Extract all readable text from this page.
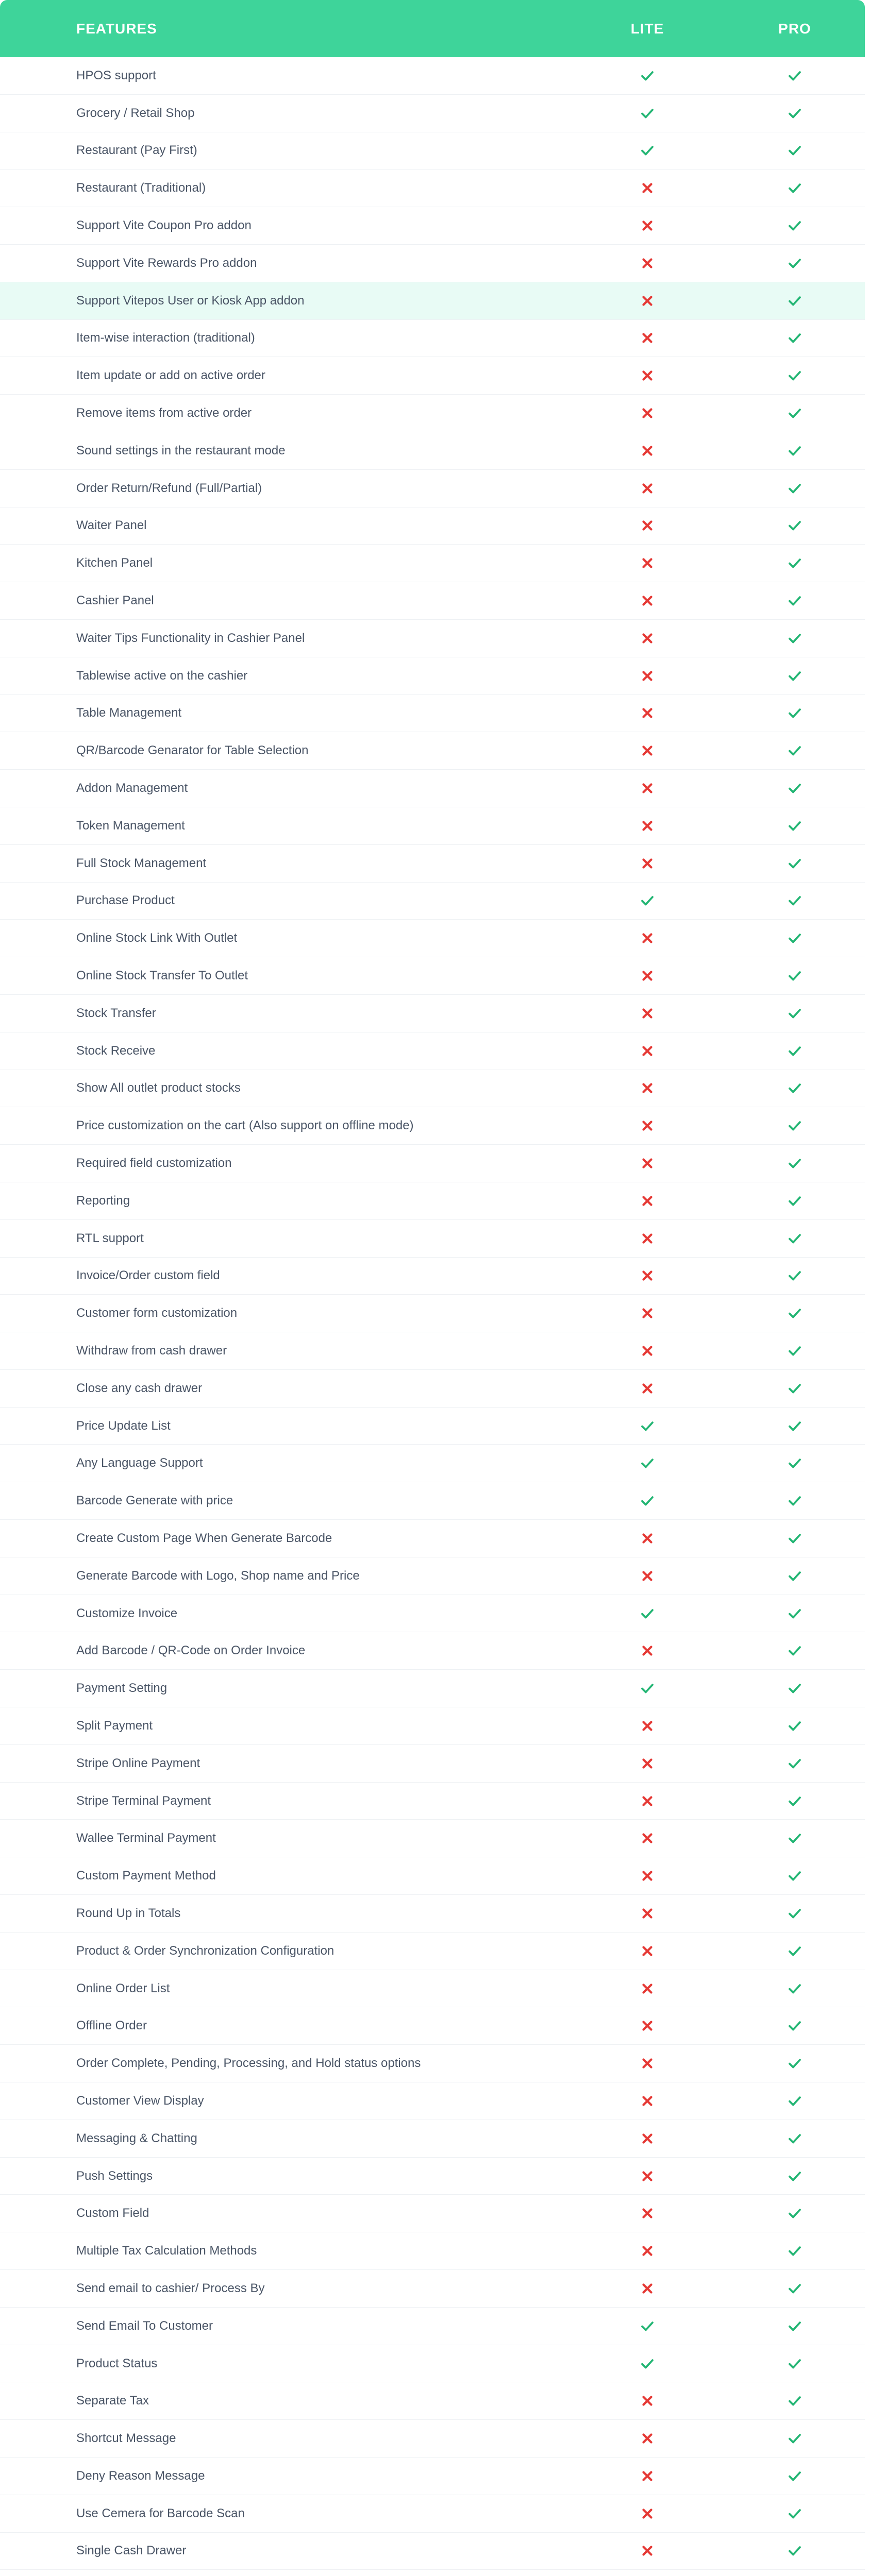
FEATURES	LITE	PRO
HPOS support
Grocery / Retail Shop
Restaurant (Pay First)
Restaurant (Traditional)
Support Vite Coupon Pro addon
Support Vite Rewards Pro addon
Support Vitepos User or Kiosk App addon
Item-wise interaction (traditional)
Item update or add on active order
Remove items from active order
Sound settings in the restaurant mode
Order Return/Refund (Full/Partial)
Waiter Panel
Kitchen Panel
Cashier Panel
Waiter Tips Functionality in Cashier Panel
Tablewise active on the cashier
Table Management
QR/Barcode Genarator for Table Selection
Addon Management
Token Management
Full Stock Management
Purchase Product
Online Stock Link With Outlet
Online Stock Transfer To Outlet
Stock Transfer
Stock Receive
Show All outlet product stocks
Price customization on the cart (Also support on offline mode)
Required field customization
Reporting
RTL support
Invoice/Order custom field
Customer form customization
Withdraw from cash drawer
Close any cash drawer
Price Update List
Any Language Support
Barcode Generate with price
Create Custom Page When Generate Barcode
Generate Barcode with Logo, Shop name and Price
Customize Invoice
Add Barcode / QR-Code on Order Invoice
Payment Setting
Split Payment
Stripe Online Payment
Stripe Terminal Payment
Wallee Terminal Payment
Custom Payment Method
Round Up in Totals
Product & Order Synchronization Configuration
Online Order List
Offline Order
Order Complete, Pending, Processing, and Hold status options
Customer View Display
Messaging & Chatting
Push Settings
Custom Field
Multiple Tax Calculation Methods
Send email to cashier/ Process By
Send Email To Customer
Product Status
Separate Tax
Shortcut Message
Deny Reason Message
Use Cemera for Barcode Scan
Single Cash Drawer
